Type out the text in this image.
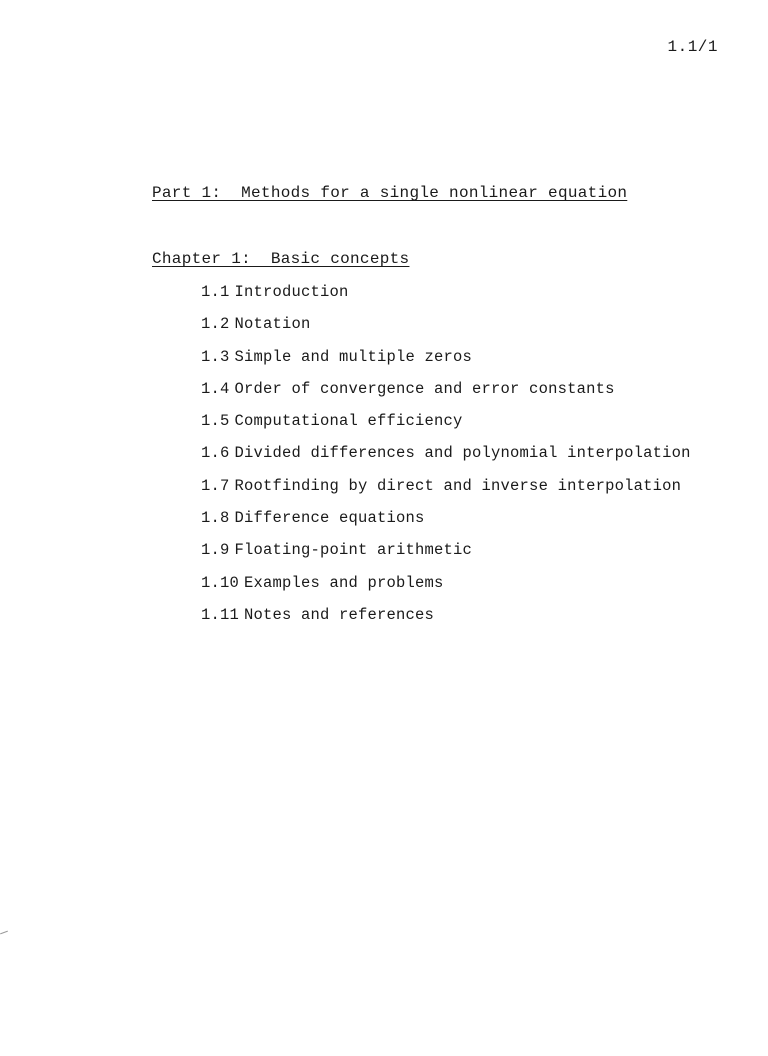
1.1/1
Part 1:  Methods for a single nonlinear equation
Chapter 1:  Basic concepts
1.1 Introduction
1.2 Notation
1.3 Simple and multiple zeros
1.4 Order of convergence and error constants
1.5 Computational efficiency
1.6 Divided differences and polynomial interpolation
1.7 Rootfinding by direct and inverse interpolation
1.8 Difference equations
1.9 Floating-point arithmetic
1.10 Examples and problems
1.11 Notes and references
